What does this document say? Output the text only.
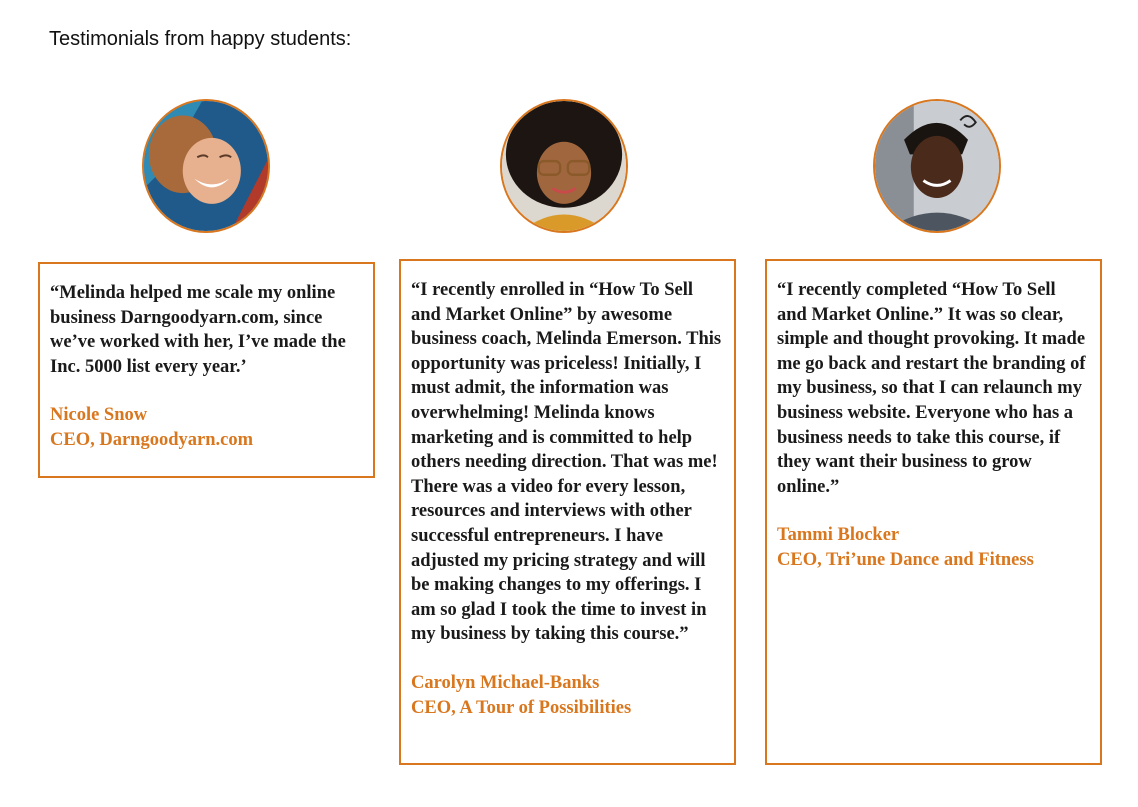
Testimonials from happy students:

“Melinda helped me scale my online business Darngoodyarn.com, since we’ve worked with her, I’ve made the Inc. 5000 list every year.’

Nicole Snow
CEO, Darngoodyarn.com

“I recently enrolled in “How To Sell and Market Online” by awesome business coach, Melinda Emerson. This opportunity was priceless! Initially, I must admit, the information was overwhelming! Melinda knows marketing and is committed to help others needing direction. That was me! There was a video for every lesson, resources and interviews with other successful entrepreneurs. I have adjusted my pricing strategy and will be making changes to my offerings. I am so glad I took the time to invest in my business by taking this course.”

Carolyn Michael-Banks
CEO, A Tour of Possibilities

“I recently completed “How To Sell and Market Online.” It was so clear, simple and thought provoking. It made me go back and restart the branding of my business, so that I can relaunch my business website. Everyone who has a business needs to take this course, if they want their business to grow online.”

Tammi Blocker
CEO, Tri’une Dance and Fitness
